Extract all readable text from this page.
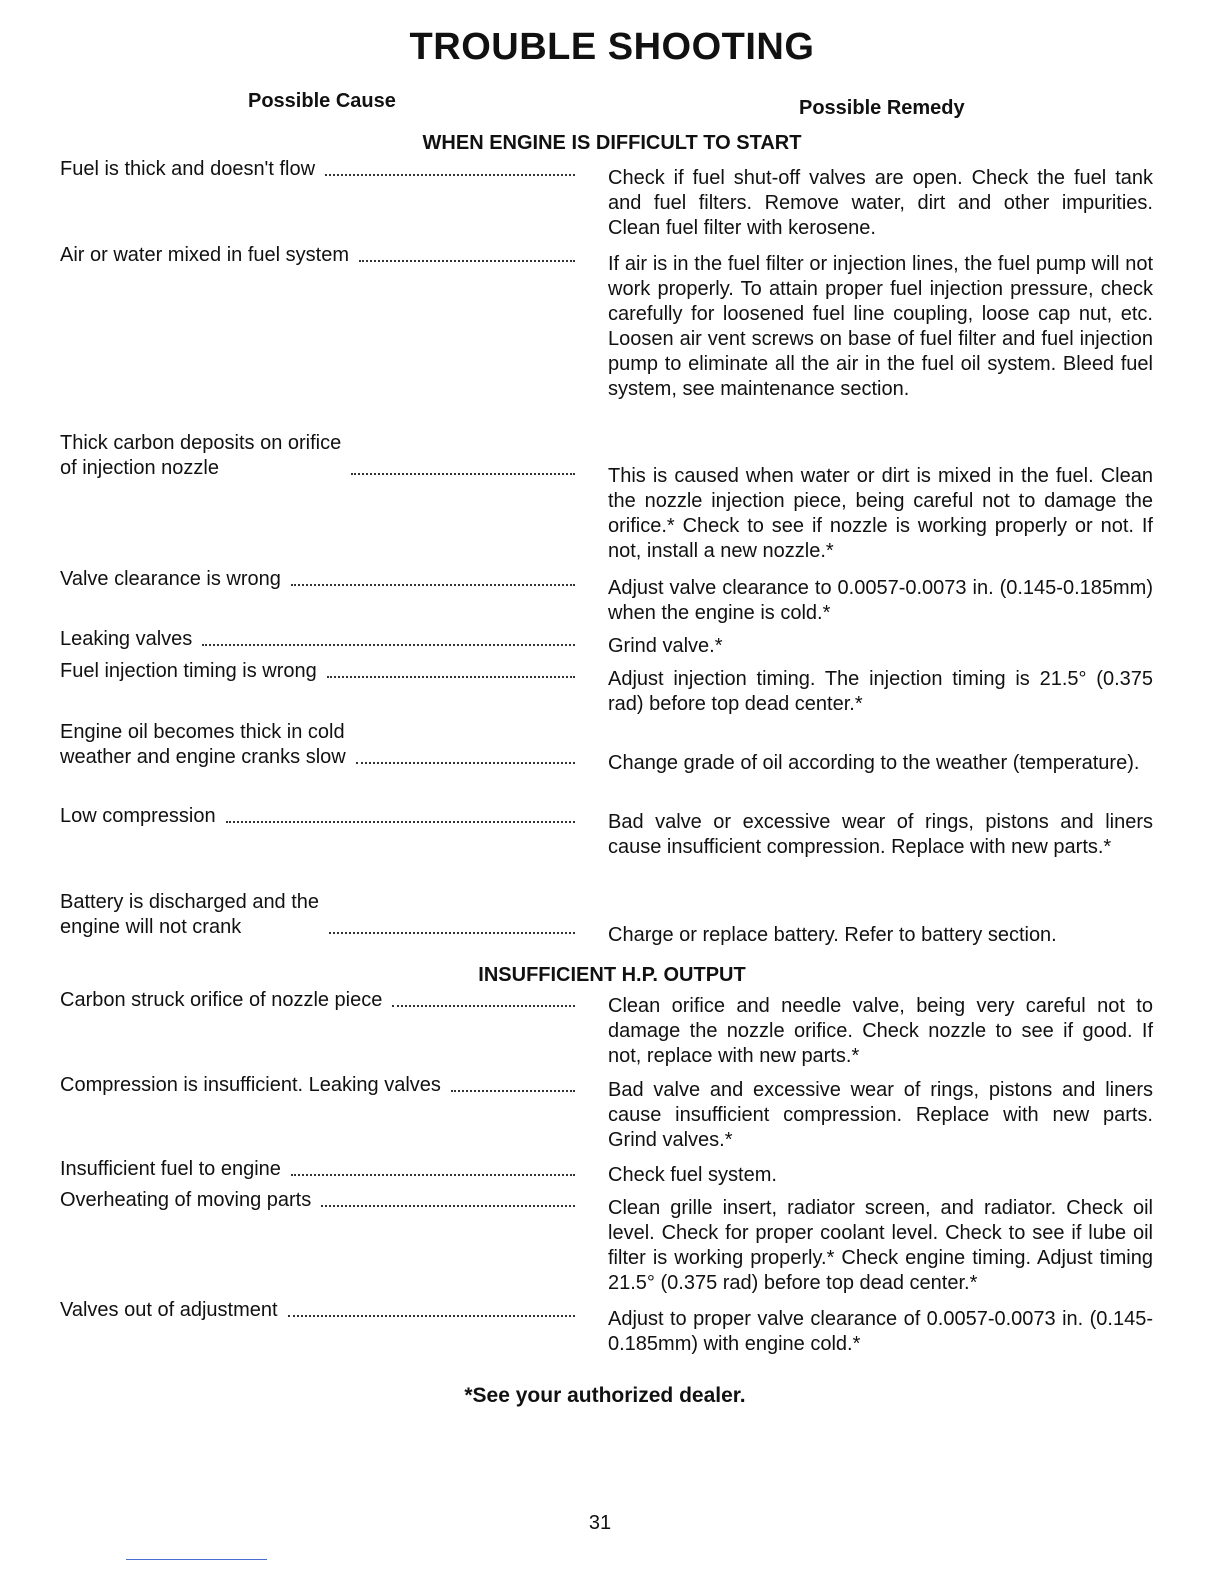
TROUBLE SHOOTING
Possible Cause	Possible Remedy
WHEN ENGINE IS DIFFICULT TO START
Fuel is thick and doesn't flow	Check if fuel shut-off valves are open. Check the fuel tank and fuel filters. Remove water, dirt and other impurities. Clean fuel filter with kerosene.
Air or water mixed in fuel system	If air is in the fuel filter or injection lines, the fuel pump will not work properly. To attain proper fuel injection pressure, check carefully for loosened fuel line coupling, loose cap nut, etc. Loosen air vent screws on base of fuel filter and fuel injection pump to eliminate all the air in the fuel oil system. Bleed fuel system, see maintenance section.
Thick carbon deposits on orifice
of injection nozzle	This is caused when water or dirt is mixed in the fuel. Clean the nozzle injection piece, being careful not to damage the orifice.* Check to see if nozzle is working properly or not. If not, install a new nozzle.*
Valve clearance is wrong	Adjust valve clearance to 0.0057-0.0073 in. (0.145-0.185mm) when the engine is cold.*
Leaking valves	Grind valve.*
Fuel injection timing is wrong	Adjust injection timing. The injection timing is 21.5° (0.375 rad) before top dead center.*
Engine oil becomes thick in cold
weather and engine cranks slow	Change grade of oil according to the weather (temperature).
Low compression	Bad valve or excessive wear of rings, pistons and liners cause insufficient compression. Replace with new parts.*
Battery is discharged and the
engine will not crank	Charge or replace battery. Refer to battery section.
INSUFFICIENT H.P. OUTPUT
Carbon struck orifice of nozzle piece	Clean orifice and needle valve, being very careful not to damage the nozzle orifice. Check nozzle to see if good. If not, replace with new parts.*
Compression is insufficient. Leaking valves	Bad valve and excessive wear of rings, pistons and liners cause insufficient compression. Replace with new parts. Grind valves.*
Insufficient fuel to engine	Check fuel system.
Overheating of moving parts	Clean grille insert, radiator screen, and radiator. Check oil level. Check for proper coolant level. Check to see if lube oil filter is working properly.* Check engine timing. Adjust timing 21.5° (0.375 rad) before top dead center.*
Valves out of adjustment	Adjust to proper valve clearance of 0.0057-0.0073 in. (0.145-0.185mm) with engine cold.*
*See your authorized dealer.
31
